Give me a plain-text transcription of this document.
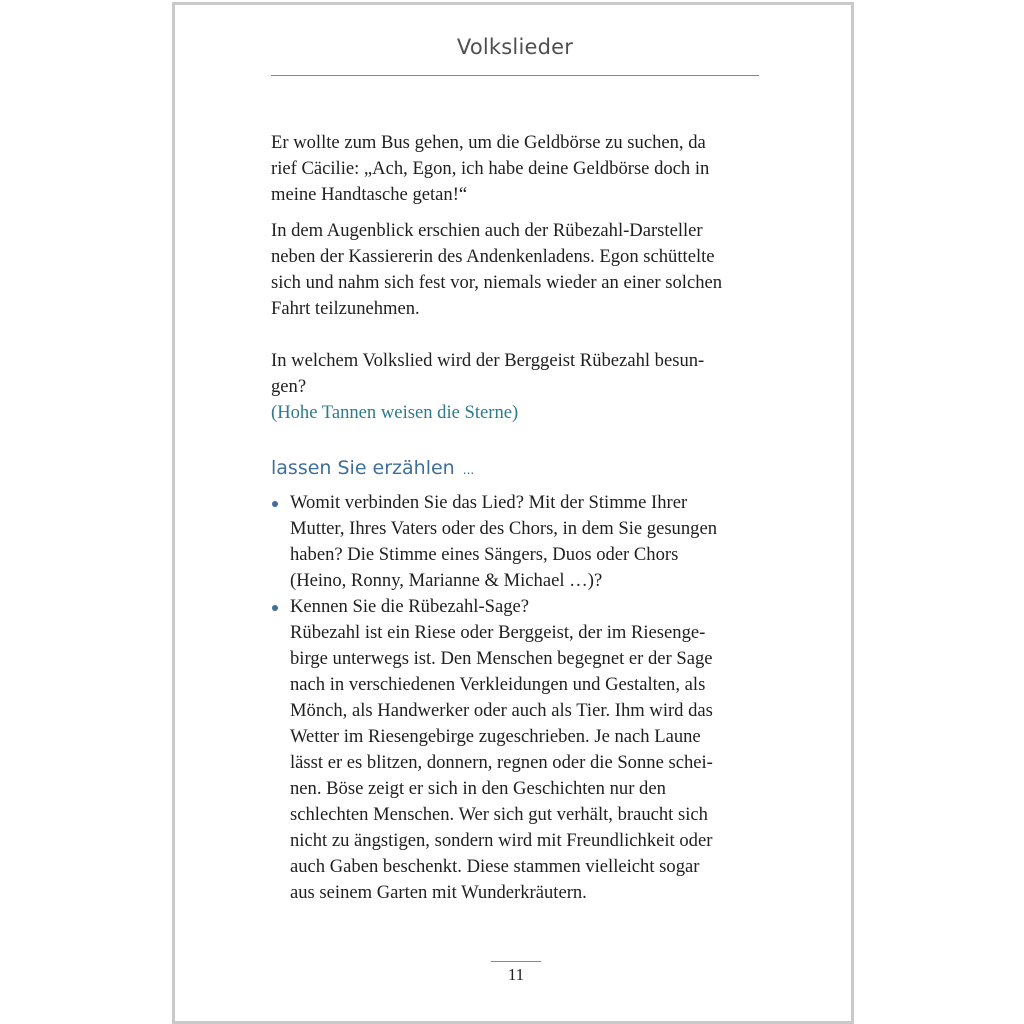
Volkslieder

Er wollte zum Bus gehen, um die Geldbörse zu suchen, da
rief Cäcilie: „Ach, Egon, ich habe deine Geldbörse doch in
meine Handtasche getan!“

In dem Augenblick erschien auch der Rübezahl-Darsteller
neben der Kassiererin des Andenkenladens. Egon schüttelte
sich und nahm sich fest vor, niemals wieder an einer solchen
Fahrt teilzunehmen.

In welchem Volkslied wird der Berggeist Rübezahl besun-
gen?
(Hohe Tannen weisen die Sterne)

lassen Sie erzählen ...
Womit verbinden Sie das Lied? Mit der Stimme Ihrer
Mutter, Ihres Vaters oder des Chors, in dem Sie gesungen
haben? Die Stimme eines Sängers, Duos oder Chors
(Heino, Ronny, Marianne & Michael …)?
Kennen Sie die Rübezahl-Sage?
Rübezahl ist ein Riese oder Berggeist, der im Riesenge-
birge unterwegs ist. Den Menschen begegnet er der Sage
nach in verschiedenen Verkleidungen und Gestalten, als
Mönch, als Handwerker oder auch als Tier. Ihm wird das
Wetter im Riesengebirge zugeschrieben. Je nach Laune
lässt er es blitzen, donnern, regnen oder die Sonne schei-
nen. Böse zeigt er sich in den Geschichten nur den
schlechten Menschen. Wer sich gut verhält, braucht sich
nicht zu ängstigen, sondern wird mit Freundlichkeit oder
auch Gaben beschenkt. Diese stammen vielleicht sogar
aus seinem Garten mit Wunderkräutern.
11
